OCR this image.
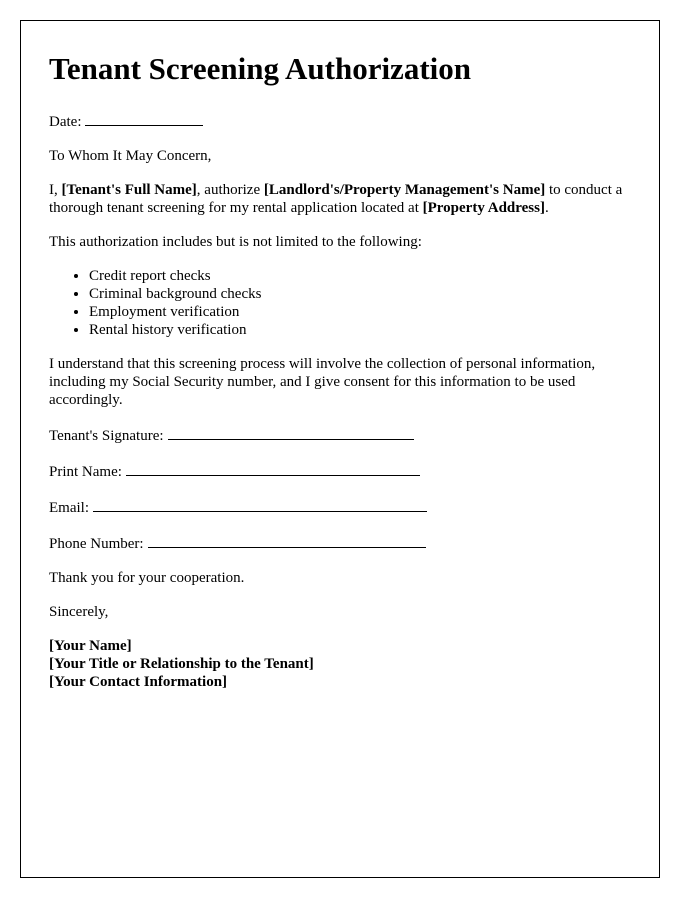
Tenant Screening Authorization

Date:

To Whom It May Concern,

I, [Tenant's Full Name], authorize [Landlord's/Property Management's Name] to conduct a thorough tenant screening for my rental application located at [Property Address].

This authorization includes but is not limited to the following:

• Credit report checks
• Criminal background checks
• Employment verification
• Rental history verification

I understand that this screening process will involve the collection of personal information, including my Social Security number, and I give consent for this information to be used accordingly.

Tenant's Signature:

Print Name:

Email:

Phone Number:

Thank you for your cooperation.

Sincerely,

[Your Name]

[Your Title or Relationship to the Tenant]

[Your Contact Information]
